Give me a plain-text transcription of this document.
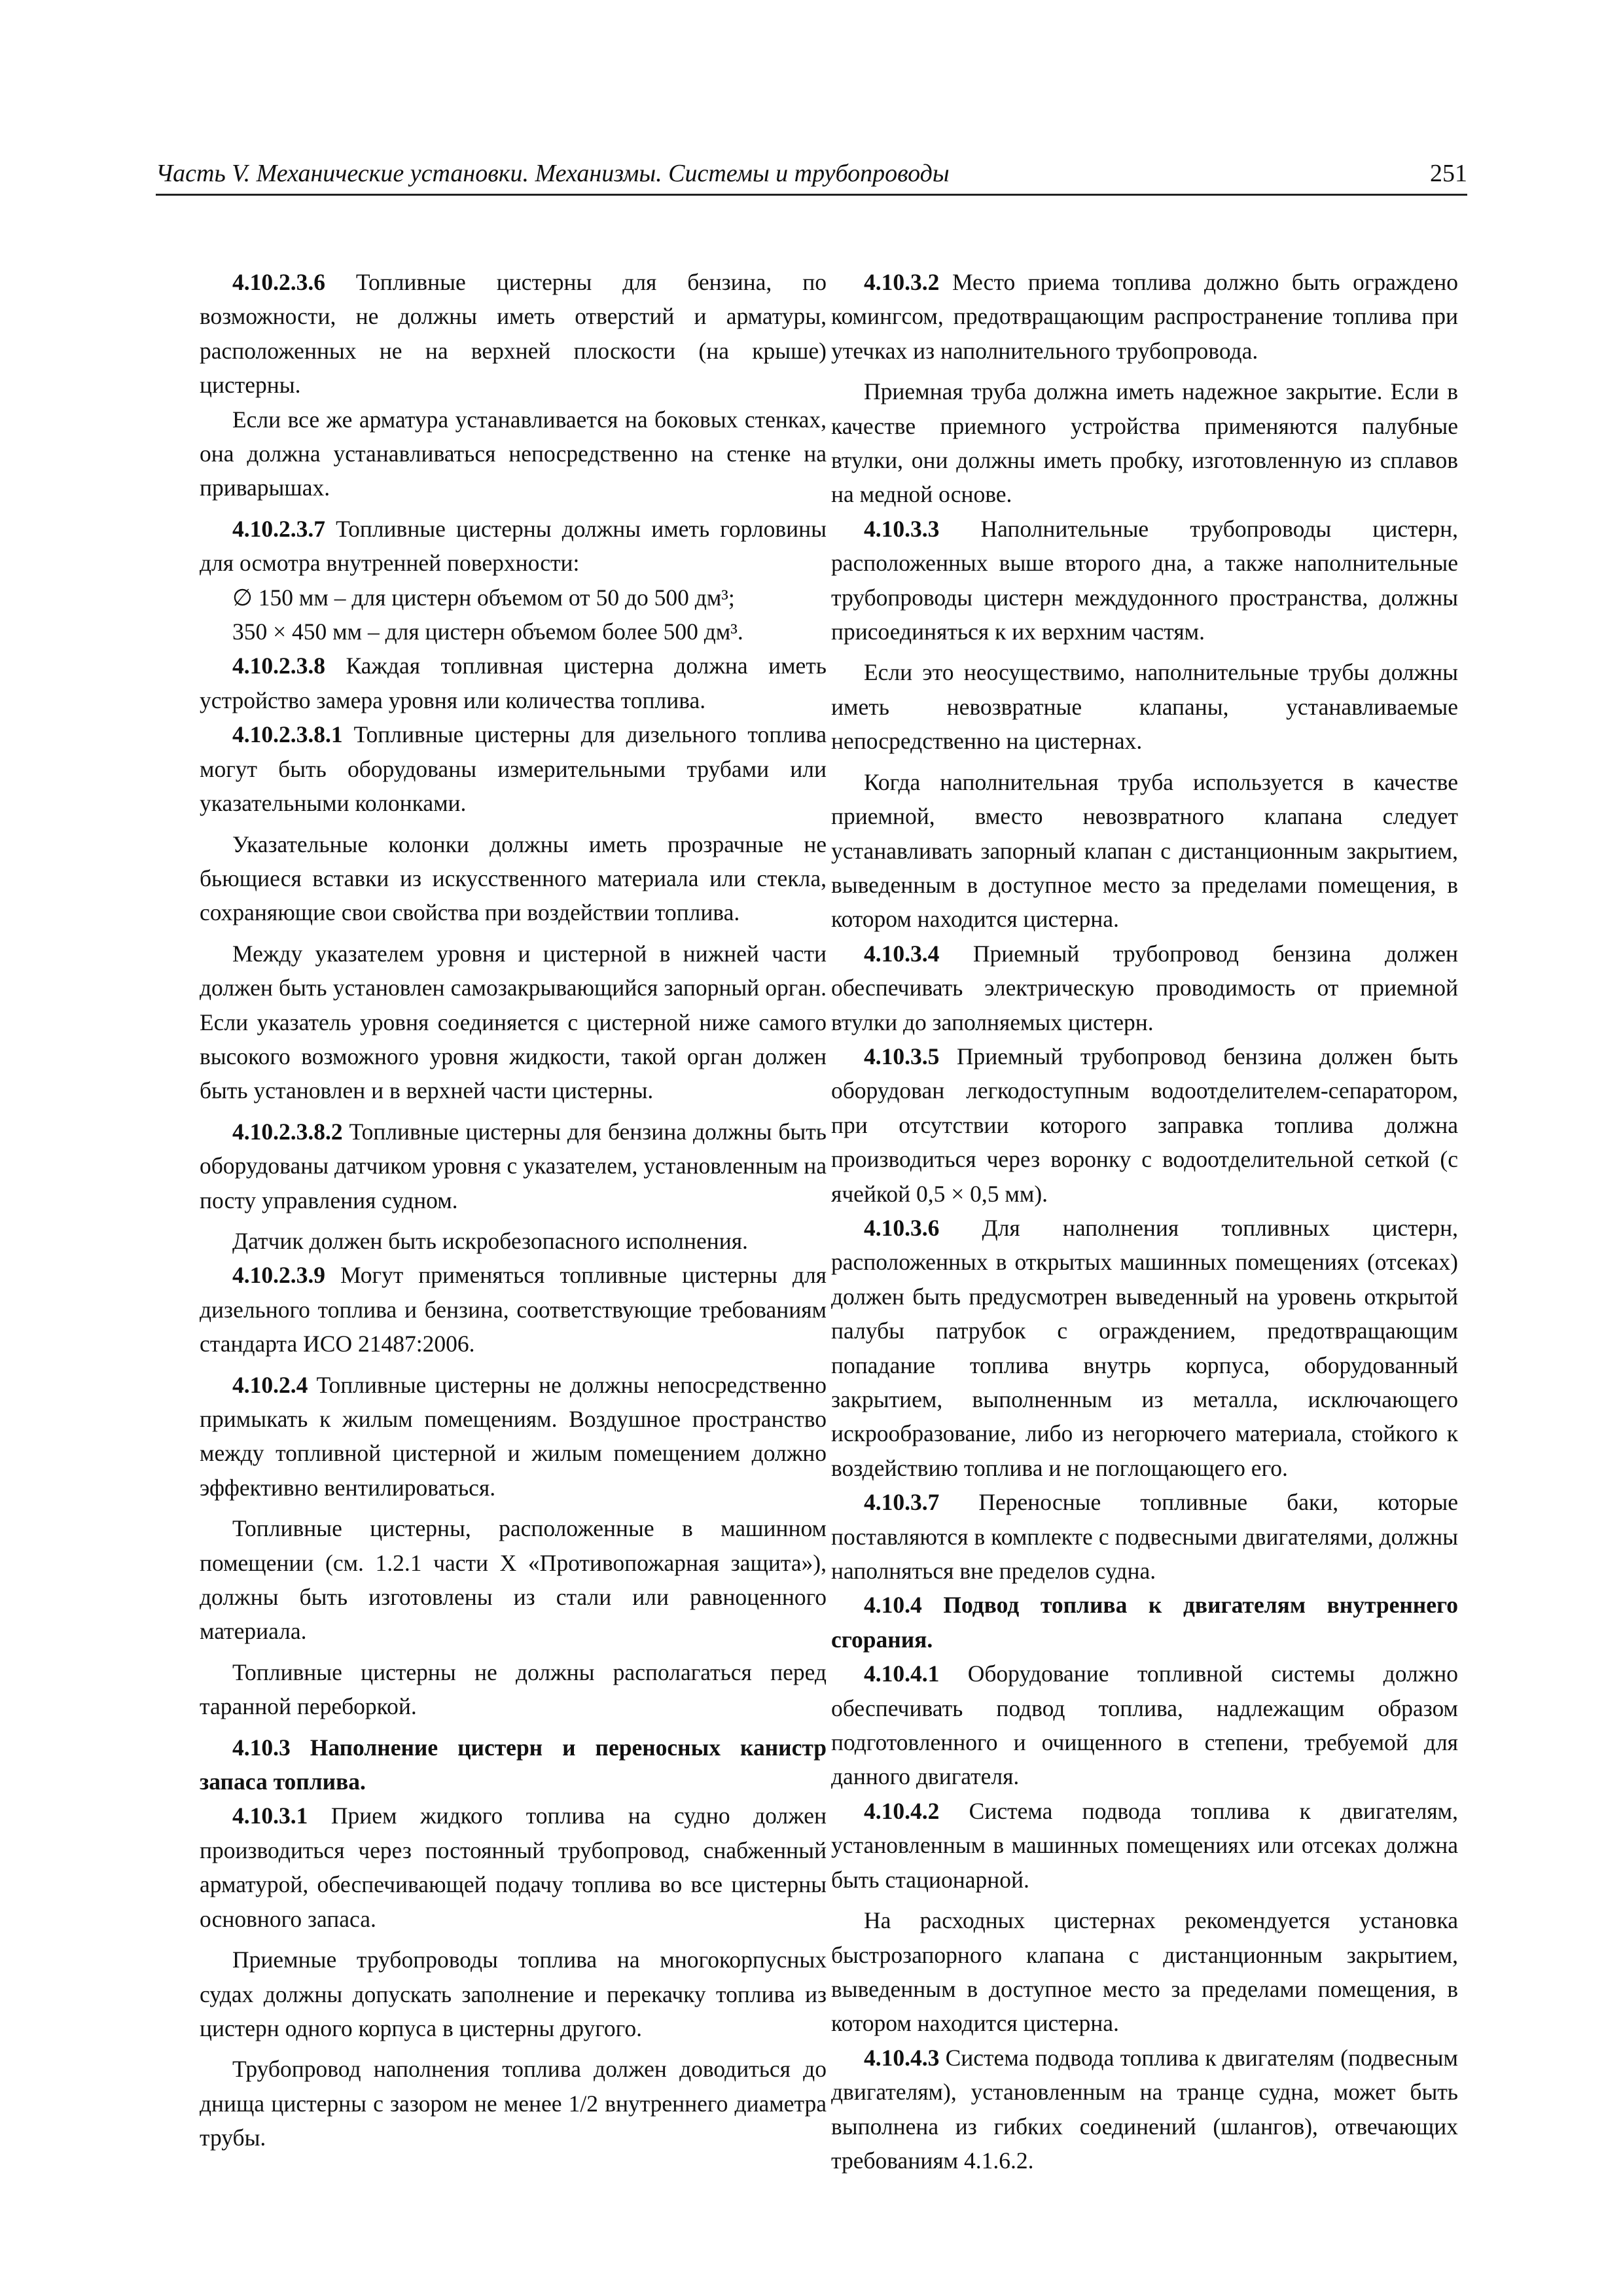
Часть V. Механические установки. Механизмы. Системы и трубопроводы	251

4.10.2.3.6 Топливные цистерны для бензина, по возможности, не должны иметь отверстий и арматуры, расположенных не на верхней плоскости (на крыше) цистерны.

Если все же арматура устанавливается на боковых стенках, она должна устанавливаться непосредственно на стенке на приварышах.

4.10.2.3.7 Топливные цистерны должны иметь горловины для осмотра внутренней поверхности:

∅ 150 мм – для цистерн объемом от 50 до 500 дм³;

350 × 450 мм – для цистерн объемом более 500 дм³.

4.10.2.3.8 Каждая топливная цистерна должна иметь устройство замера уровня или количества топлива.

4.10.2.3.8.1 Топливные цистерны для дизельного топлива могут быть оборудованы измерительными трубами или указательными колонками.

Указательные колонки должны иметь прозрачные не бьющиеся вставки из искусственного материала или стекла, сохраняющие свои свойства при воздействии топлива.

Между указателем уровня и цистерной в нижней части должен быть установлен самозакрывающийся запорный орган. Если указатель уровня соединяется с цистерной ниже самого высокого возможного уровня жидкости, такой орган должен быть установлен и в верхней части цистерны.

4.10.2.3.8.2 Топливные цистерны для бензина должны быть оборудованы датчиком уровня с указателем, установленным на посту управления судном.

Датчик должен быть искробезопасного исполнения.

4.10.2.3.9 Могут применяться топливные цистерны для дизельного топлива и бензина, соответствующие требованиям стандарта ИСО 21487:2006.

4.10.2.4 Топливные цистерны не должны непосредственно примыкать к жилым помещениям. Воздушное пространство между топливной цистерной и жилым помещением должно эффективно вентилироваться.

Топливные цистерны, расположенные в машинном помещении (см. 1.2.1 части X «Противопожарная защита»), должны быть изготовлены из стали или равноценного материала.

Топливные цистерны не должны располагаться перед таранной переборкой.

4.10.3 Наполнение цистерн и переносных канистр запаса топлива.

4.10.3.1 Прием жидкого топлива на судно должен производиться через постоянный трубопровод, снабженный арматурой, обеспечивающей подачу топлива во все цистерны основного запаса.

Приемные трубопроводы топлива на многокорпусных судах должны допускать заполнение и перекачку топлива из цистерн одного корпуса в цистерны другого.

Трубопровод наполнения топлива должен доводиться до днища цистерны с зазором не менее 1/2 внутреннего диаметра трубы.

4.10.3.2 Место приема топлива должно быть ограждено комингсом, предотвращающим распространение топлива при утечках из наполнительного трубопровода.

Приемная труба должна иметь надежное закрытие. Если в качестве приемного устройства применяются палубные втулки, они должны иметь пробку, изготовленную из сплавов на медной основе.

4.10.3.3 Наполнительные трубопроводы цистерн, расположенных выше второго дна, а также наполнительные трубопроводы цистерн междудонного пространства, должны присоединяться к их верхним частям.

Если это неосуществимо, наполнительные трубы должны иметь невозвратные клапаны, устанавливаемые непосредственно на цистернах.

Когда наполнительная труба используется в качестве приемной, вместо невозвратного клапана следует устанавливать запорный клапан с дистанционным закрытием, выведенным в доступное место за пределами помещения, в котором находится цистерна.

4.10.3.4 Приемный трубопровод бензина должен обеспечивать электрическую проводимость от приемной втулки до заполняемых цистерн.

4.10.3.5 Приемный трубопровод бензина должен быть оборудован легкодоступным водоотделителем-сепаратором, при отсутствии которого заправка топлива должна производиться через воронку с водоотделительной сеткой (с ячейкой 0,5 × 0,5 мм).

4.10.3.6 Для наполнения топливных цистерн, расположенных в открытых машинных помещениях (отсеках) должен быть предусмотрен выведенный на уровень открытой палубы патрубок с ограждением, предотвращающим попадание топлива внутрь корпуса, оборудованный закрытием, выполненным из металла, исключающего искрообразование, либо из негорючего материала, стойкого к воздействию топлива и не поглощающего его.

4.10.3.7 Переносные топливные баки, которые поставляются в комплекте с подвесными двигателями, должны наполняться вне пределов судна.

4.10.4 Подвод топлива к двигателям внутреннего сгорания.

4.10.4.1 Оборудование топливной системы должно обеспечивать подвод топлива, надлежащим образом подготовленного и очищенного в степени, требуемой для данного двигателя.

4.10.4.2 Система подвода топлива к двигателям, установленным в машинных помещениях или отсеках должна быть стационарной.

На расходных цистернах рекомендуется установка быстрозапорного клапана с дистанционным закрытием, выведенным в доступное место за пределами помещения, в котором находится цистерна.

4.10.4.3 Система подвода топлива к двигателям (подвесным двигателям), установленным на транце судна, может быть выполнена из гибких соединений (шлангов), отвечающих требованиям 4.1.6.2.
